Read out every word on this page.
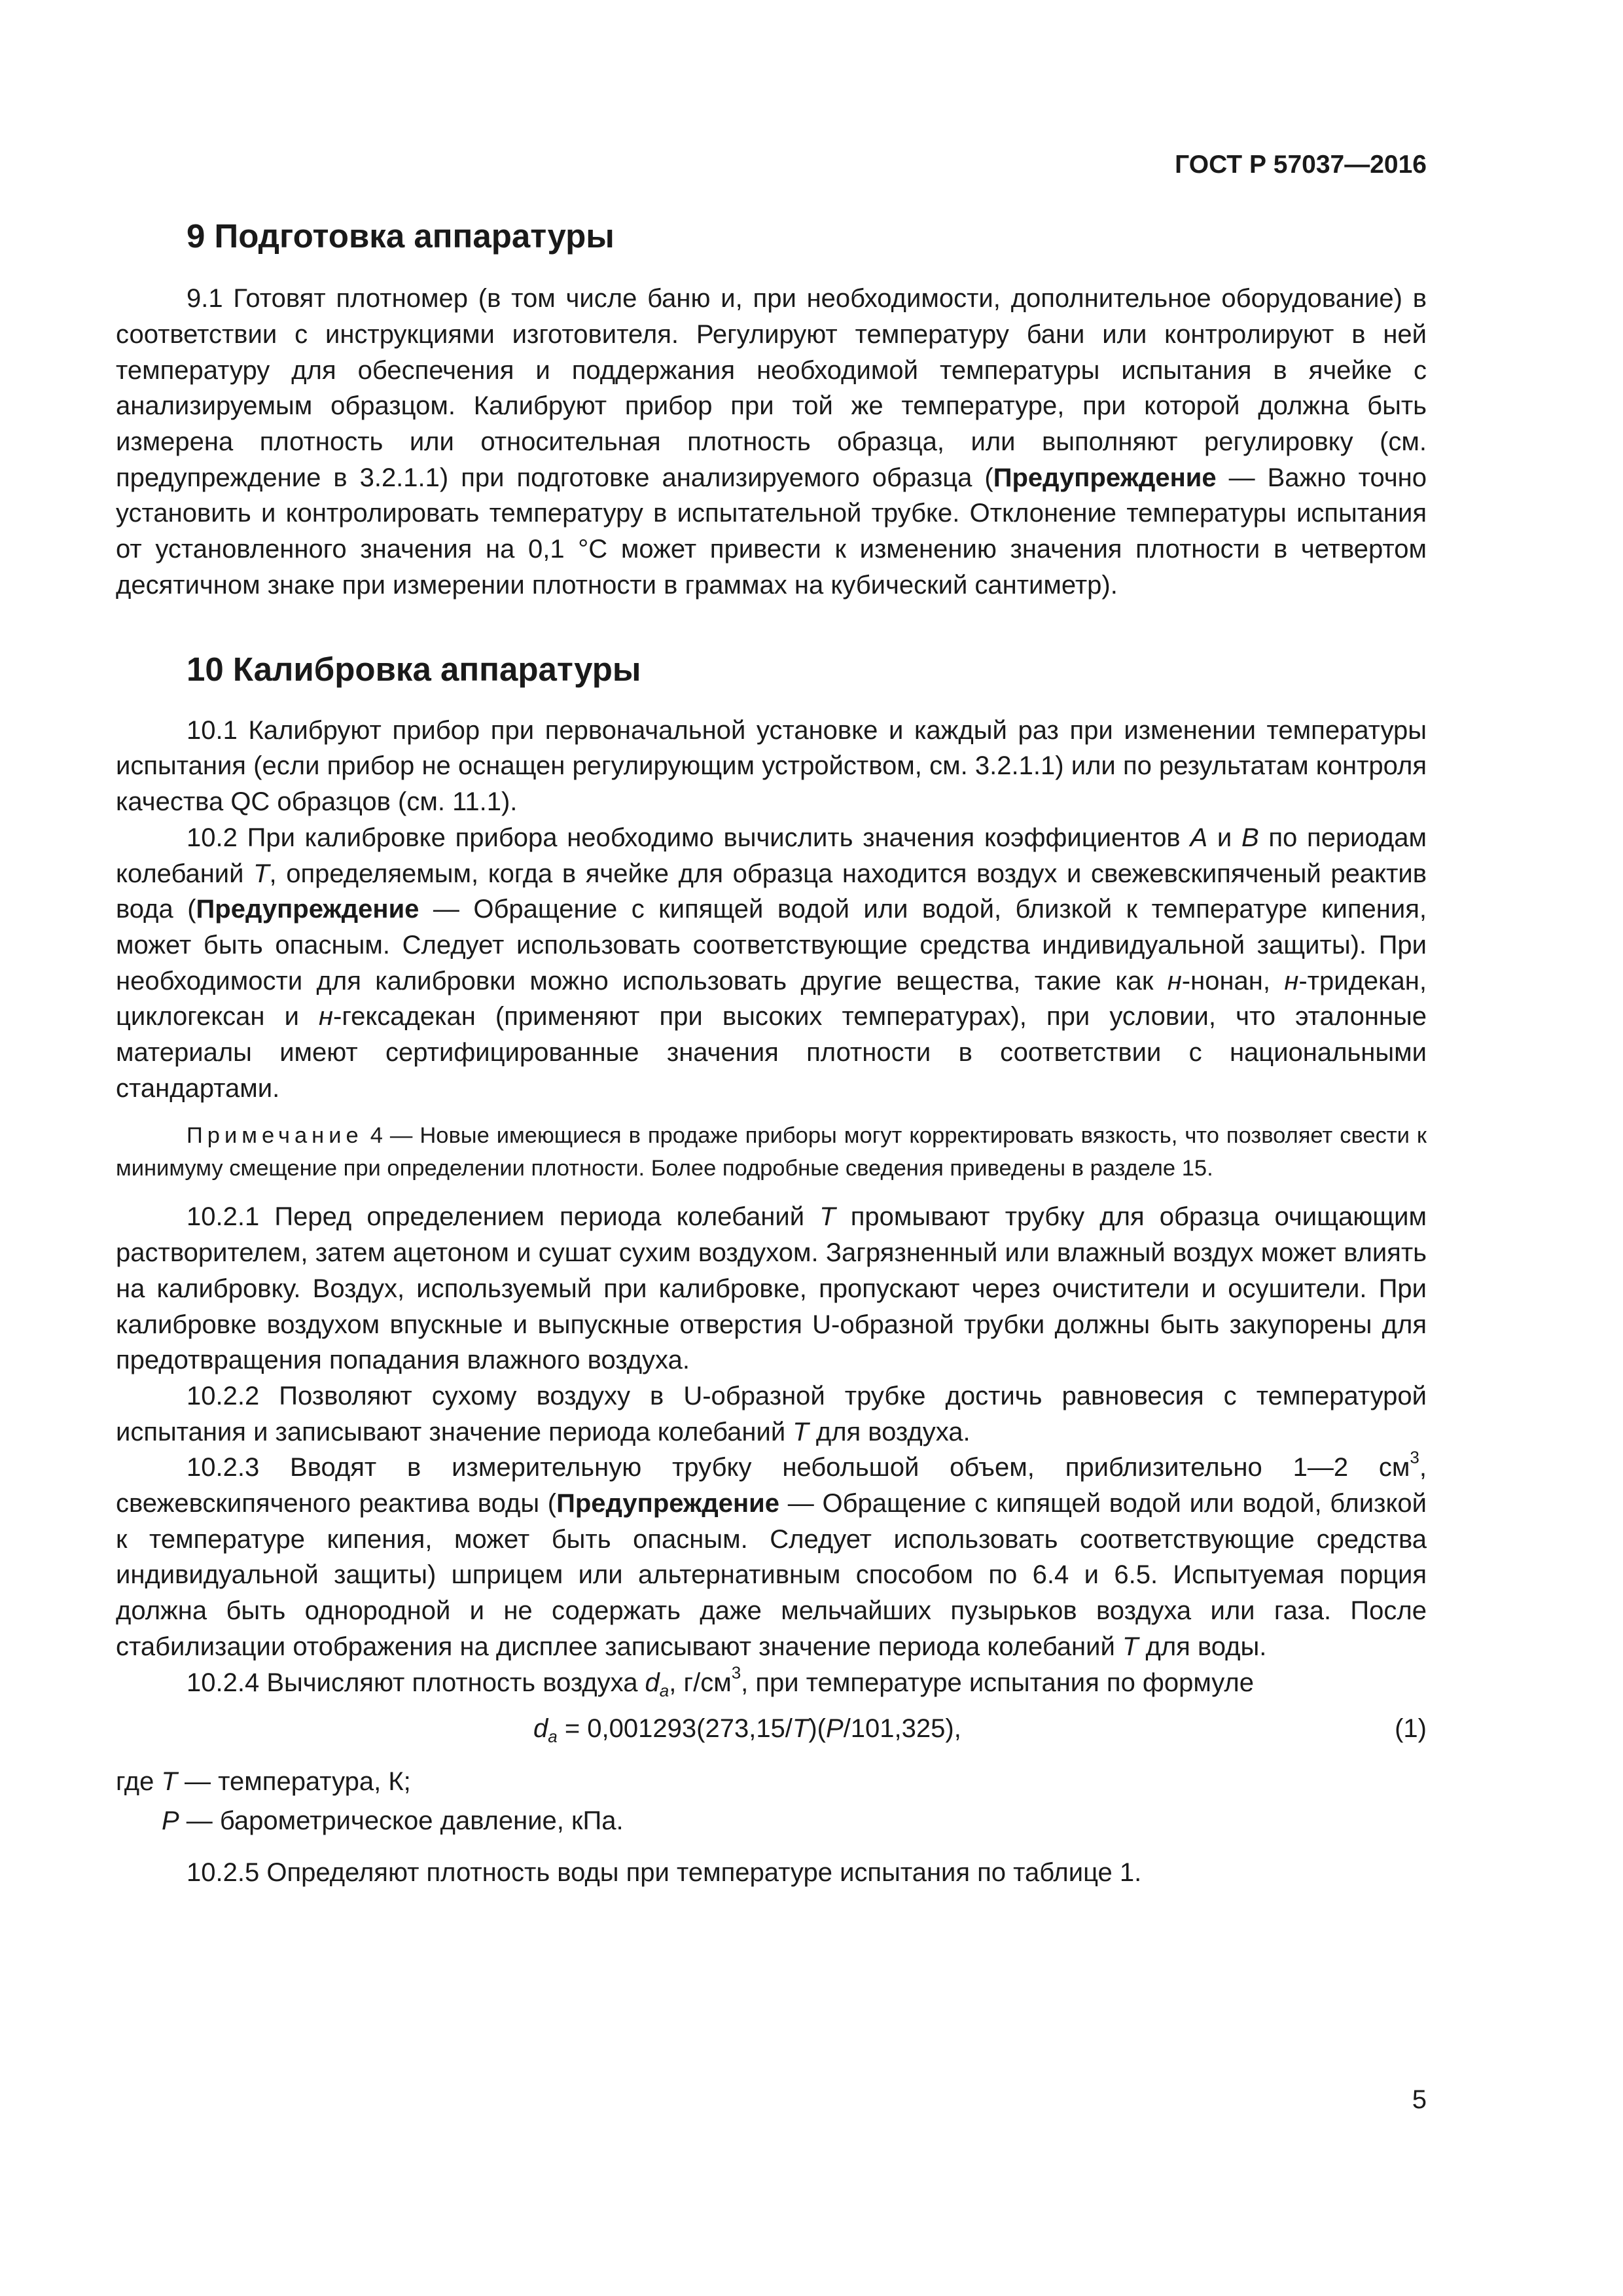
ГОСТ Р 57037—2016
9 Подготовка аппаратуры

9.1 Готовят плотномер (в том числе баню и, при необходимости, дополнительное оборудование) в соответствии с инструкциями изготовителя. Регулируют температуру бани или контролируют в ней температуру для обеспечения и поддержания необходимой температуры испытания в ячейке с анализируемым образцом. Калибруют прибор при той же температуре, при которой должна быть измерена плотность или относительная плотность образца, или выполняют регулировку (см. предупреждение в 3.2.1.1) при подготовке анализируемого образца (Предупреждение — Важно точно установить и контролировать температуру в испытательной трубке. Отклонение температуры испытания от установленного значения на 0,1 °С может привести к изменению значения плотности в четвертом десятичном знаке при измерении плотности в граммах на кубический сантиметр).

10 Калибровка аппаратуры

10.1 Калибруют прибор при первоначальной установке и каждый раз при изменении температуры испытания (если прибор не оснащен регулирующим устройством, см. 3.2.1.1) или по результатам контроля качества QC образцов (см. 11.1).

10.2 При калибровке прибора необходимо вычислить значения коэффициентов А и В по периодам колебаний Т, определяемым, когда в ячейке для образца находится воздух и свежевскипяченый реактив вода (Предупреждение — Обращение с кипящей водой или водой, близкой к температуре кипения, может быть опасным. Следует использовать соответствующие средства индивидуальной защиты). При необходимости для калибровки можно использовать другие вещества, такие как н-нонан, н-тридекан, циклогексан и н-гексадекан (применяют при высоких температурах), при условии, что эталонные материалы имеют сертифицированные значения плотности в соответствии с национальными стандартами.

Примечание 4 — Новые имеющиеся в продаже приборы могут корректировать вязкость, что позволяет свести к минимуму смещение при определении плотности. Более подробные сведения приведены в разделе 15.

10.2.1 Перед определением периода колебаний Т промывают трубку для образца очищающим растворителем, затем ацетоном и сушат сухим воздухом. Загрязненный или влажный воздух может влиять на калибровку. Воздух, используемый при калибровке, пропускают через очистители и осушители. При калибровке воздухом впускные и выпускные отверстия U-образной трубки должны быть закупорены для предотвращения попадания влажного воздуха.

10.2.2 Позволяют сухому воздуху в U-образной трубке достичь равновесия с температурой испытания и записывают значение периода колебаний Т для воздуха.

10.2.3 Вводят в измерительную трубку небольшой объем, приблизительно 1—2 $см^3$, свежевскипяченого реактива воды (Предупреждение — Обращение с кипящей водой или водой, близкой к температуре кипения, может быть опасным. Следует использовать соответствующие средства индивидуальной защиты) шприцем или альтернативным способом по 6.4 и 6.5. Испытуемая порция должна быть однородной и не содержать даже мельчайших пузырьков воздуха или газа. После стабилизации отображения на дисплее записывают значение периода колебаний Т для воды.

10.2.4 Вычисляют плотность воздуха $d_a$, $г/см^3$, при температуре испытания по формуле

$d_a = 0,001293(273,15/Т)(Р/101,325)$,	(1)
где Т — температура, К;
Р — барометрическое давление, кПа.

10.2.5 Определяют плотность воды при температуре испытания по таблице 1.

5
